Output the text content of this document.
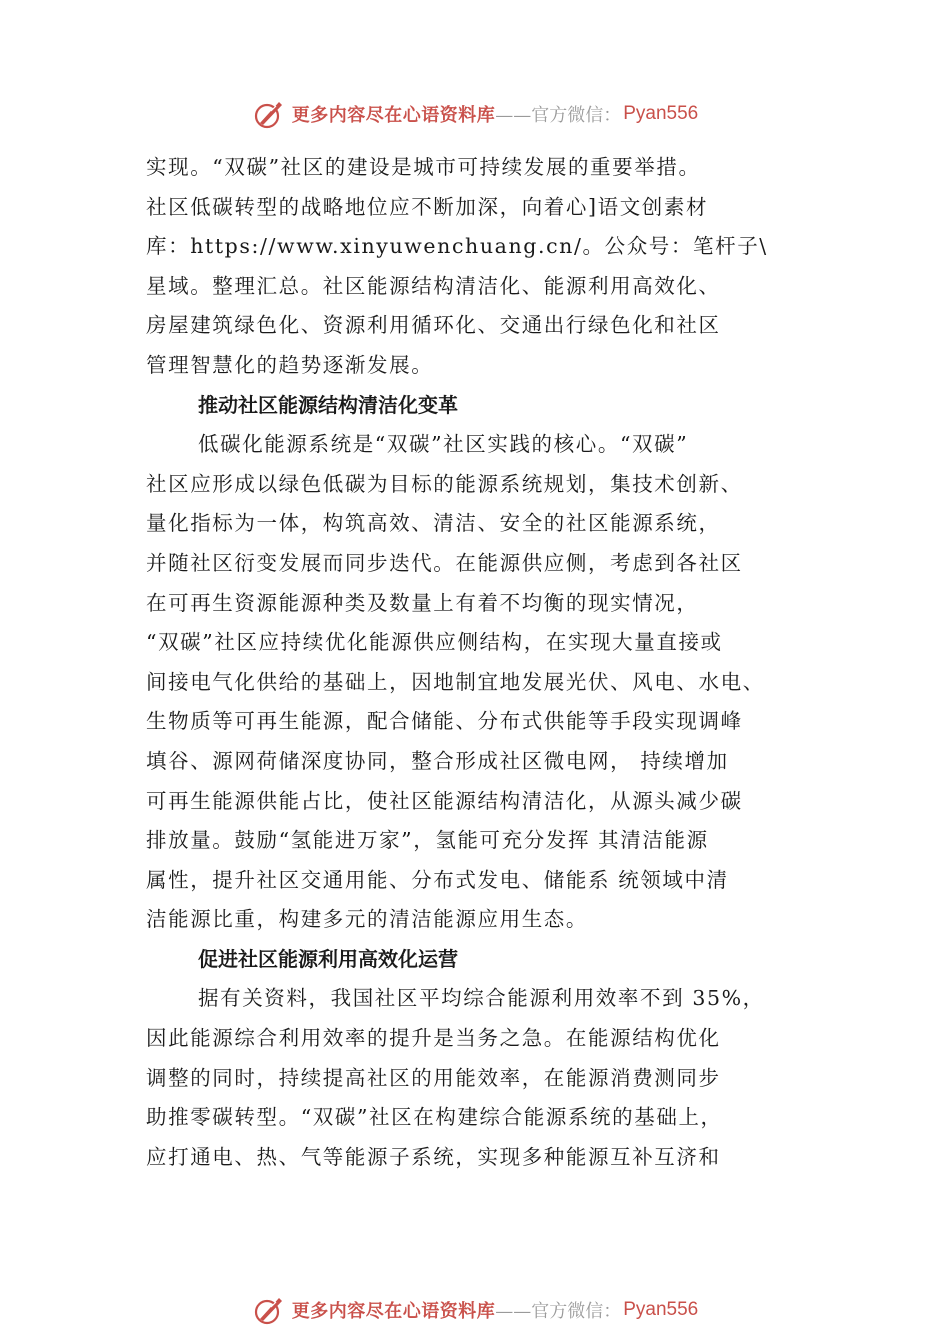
更多内容尽在心语资料库 ——官方微信： Pyan556
实现。“双碳”社区的建设是城市可持续发展的重要举措。
社区低碳转型的战略地位应不断加深，向着心]语文创素材
库：https://www.xinyuwenchuang.cn/。公众号：笔杆子\
星域。整理汇总。社区能源结构清洁化、能源利用高效化、
房屋建筑绿色化、资源利用循环化、交通出行绿色化和社区
管理智慧化的趋势逐渐发展。
推动社区能源结构清洁化变革
低碳化能源系统是“双碳”社区实践的核心。“双碳”
社区应形成以绿色低碳为目标的能源系统规划，集技术创新、
量化指标为一体，构筑高效、清洁、安全的社区能源系统，
并随社区衍变发展而同步迭代。在能源供应侧，考虑到各社区
在可再生资源能源种类及数量上有着不均衡的现实情况，
“双碳”社区应持续优化能源供应侧结构，在实现大量直接或
间接电气化供给的基础上，因地制宜地发展光伏、风电、水电、
生物质等可再生能源，配合储能、分布式供能等手段实现调峰
填谷、源网荷储深度协同，整合形成社区微电网， 持续增加
可再生能源供能占比，使社区能源结构清洁化，从源头减少碳
排放量。鼓励“氢能进万家”，氢能可充分发挥 其清洁能源
属性，提升社区交通用能、分布式发电、储能系 统领域中清
洁能源比重，构建多元的清洁能源应用生态。
促进社区能源利用高效化运营
据有关资料，我国社区平均综合能源利用效率不到 35%，
因此能源综合利用效率的提升是当务之急。在能源结构优化
调整的同时，持续提高社区的用能效率，在能源消费测同步
助推零碳转型。“双碳”社区在构建综合能源系统的基础上，
应打通电、热、气等能源子系统，实现多种能源互补互济和
更多内容尽在心语资料库 ——官方微信： Pyan556
